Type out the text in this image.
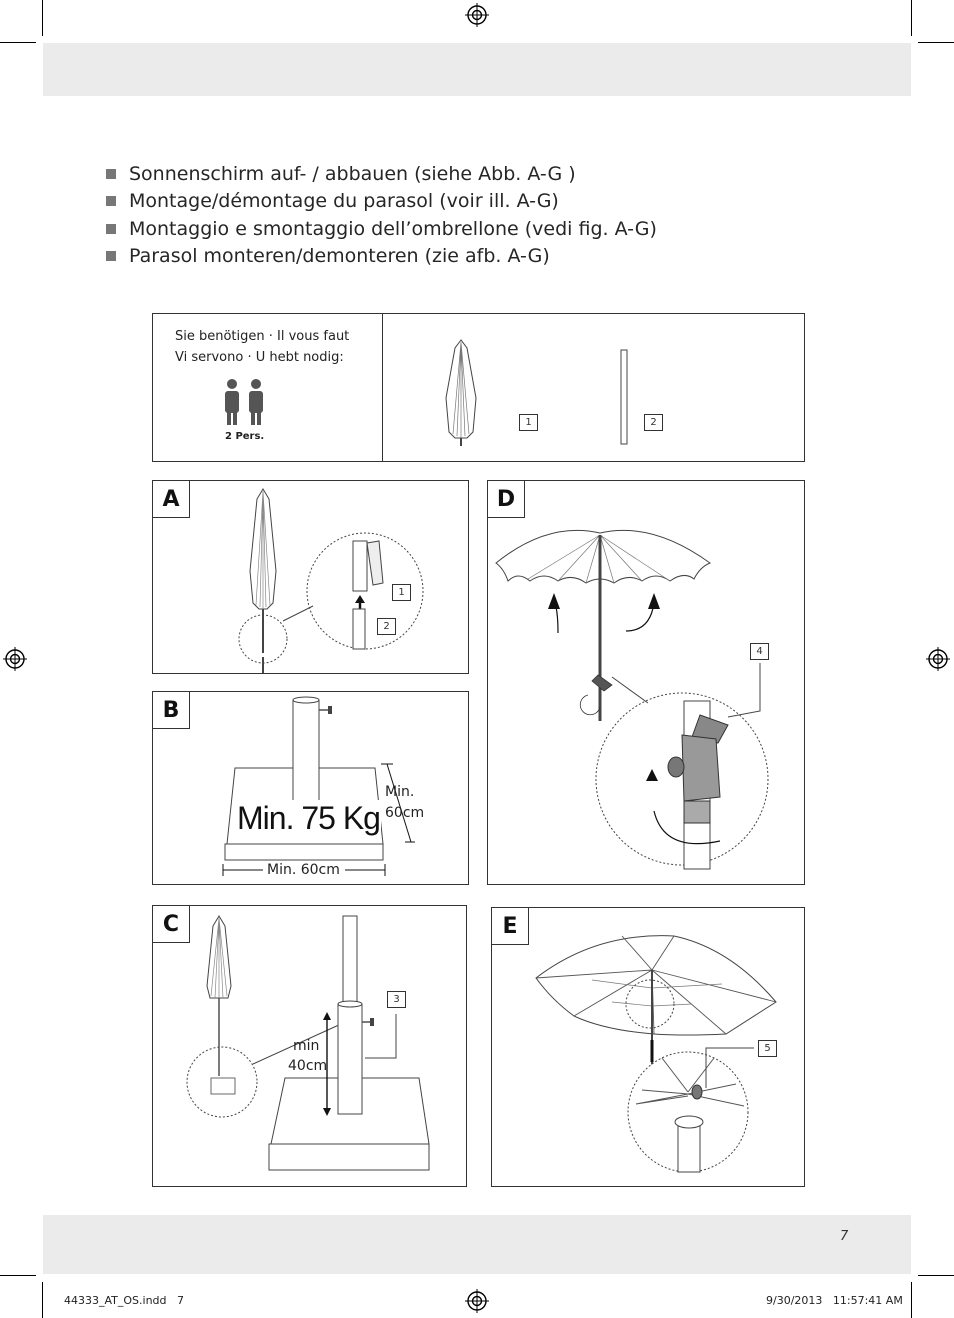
7
Sonnenschirm auf- / abbauen (siehe Abb. A-G )
Montage/démontage du parasol (voir ill. A-G)
Montaggio e smontaggio dell’ombrellone (vedi fig. A-G)
Parasol monteren/demonteren (zie afb. A-G)
Sie benötigen · Il vous faut
Vi servono · U hebt nodig:
2 Pers.
1	2
A
1
2
B
Min. 75 Kg
Min.
60cm
Min. 60cm
C
3
min
40cm
D
4
E
5
44333_AT_OS.indd   7	9/30/2013   11:57:41 AM
